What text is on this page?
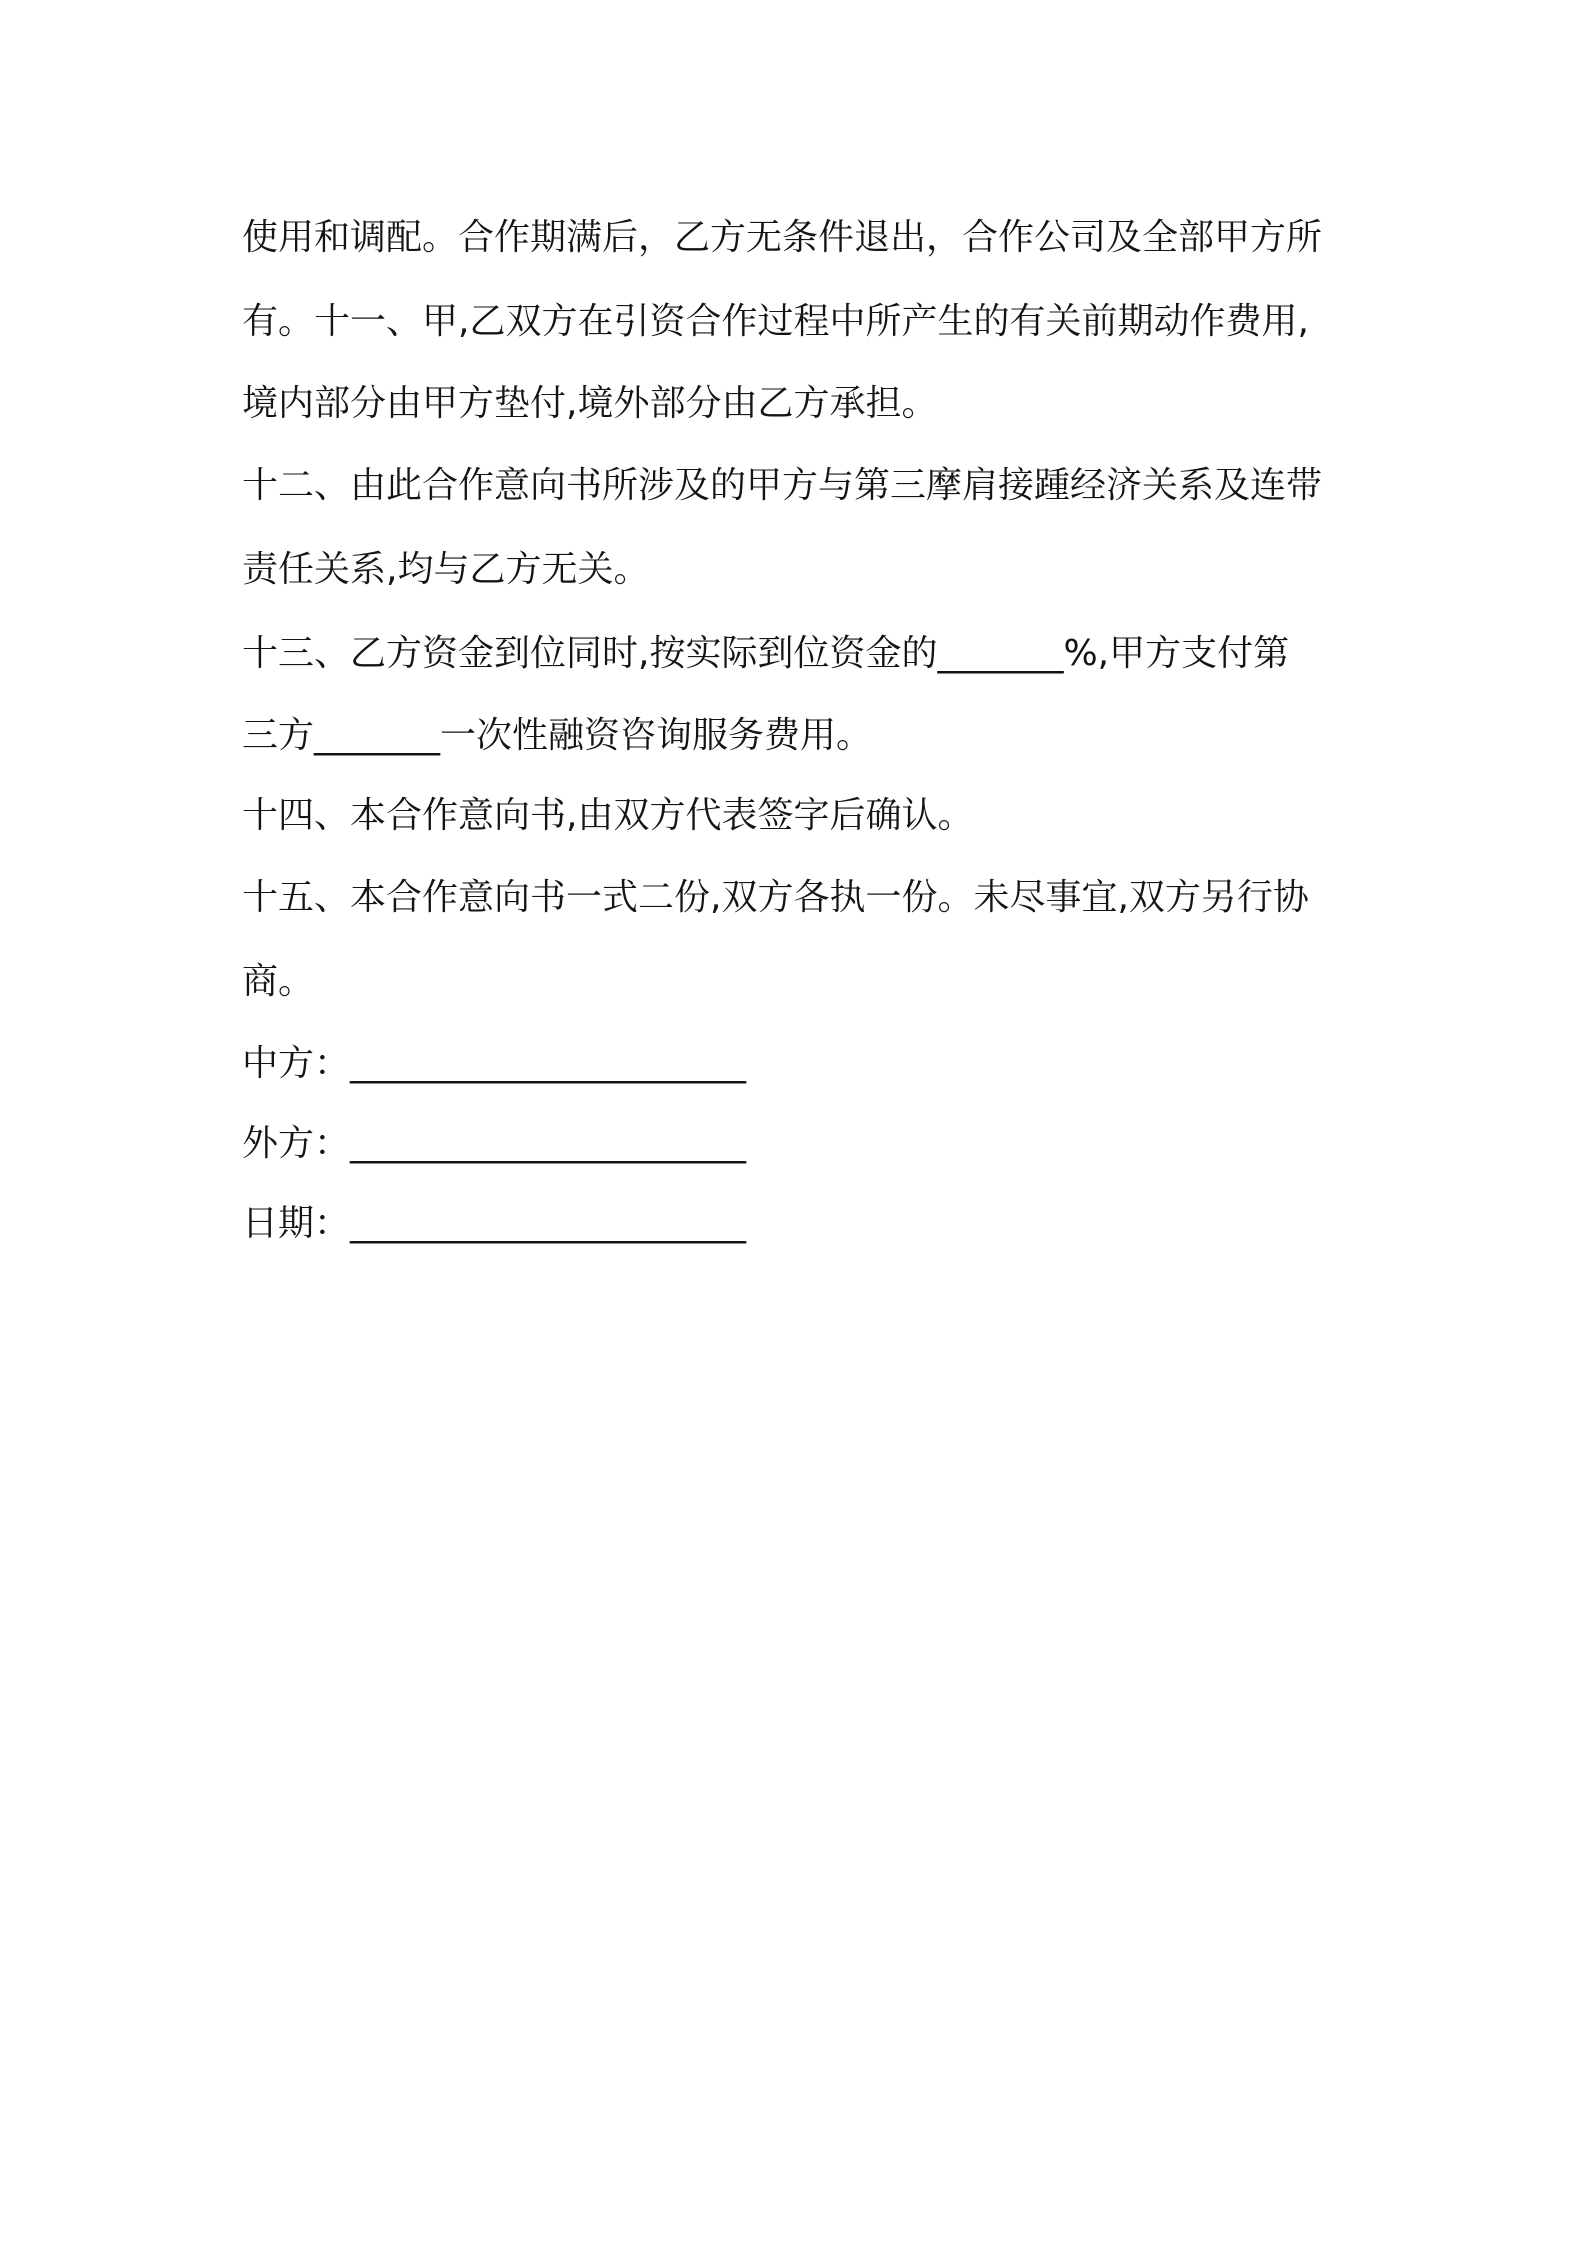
使用和调配。合作期满后，乙方无条件退出，合作公司及全部甲方所
有。十一、甲,乙双方在引资合作过程中所产生的有关前期动作费用,
境内部分由甲方垫付,境外部分由乙方承担。
十二、由此合作意向书所涉及的甲方与第三摩肩接踵经济关系及连带
责任关系,均与乙方无关。
十三、乙方资金到位同时,按实际到位资金的_______%,甲方支付第
三方_______一次性融资咨询服务费用。
十四、本合作意向书,由双方代表签字后确认。
十五、本合作意向书一式二份,双方各执一份。未尽事宜,双方另行协
商。
中方：______________________
外方：______________________
日期：______________________
